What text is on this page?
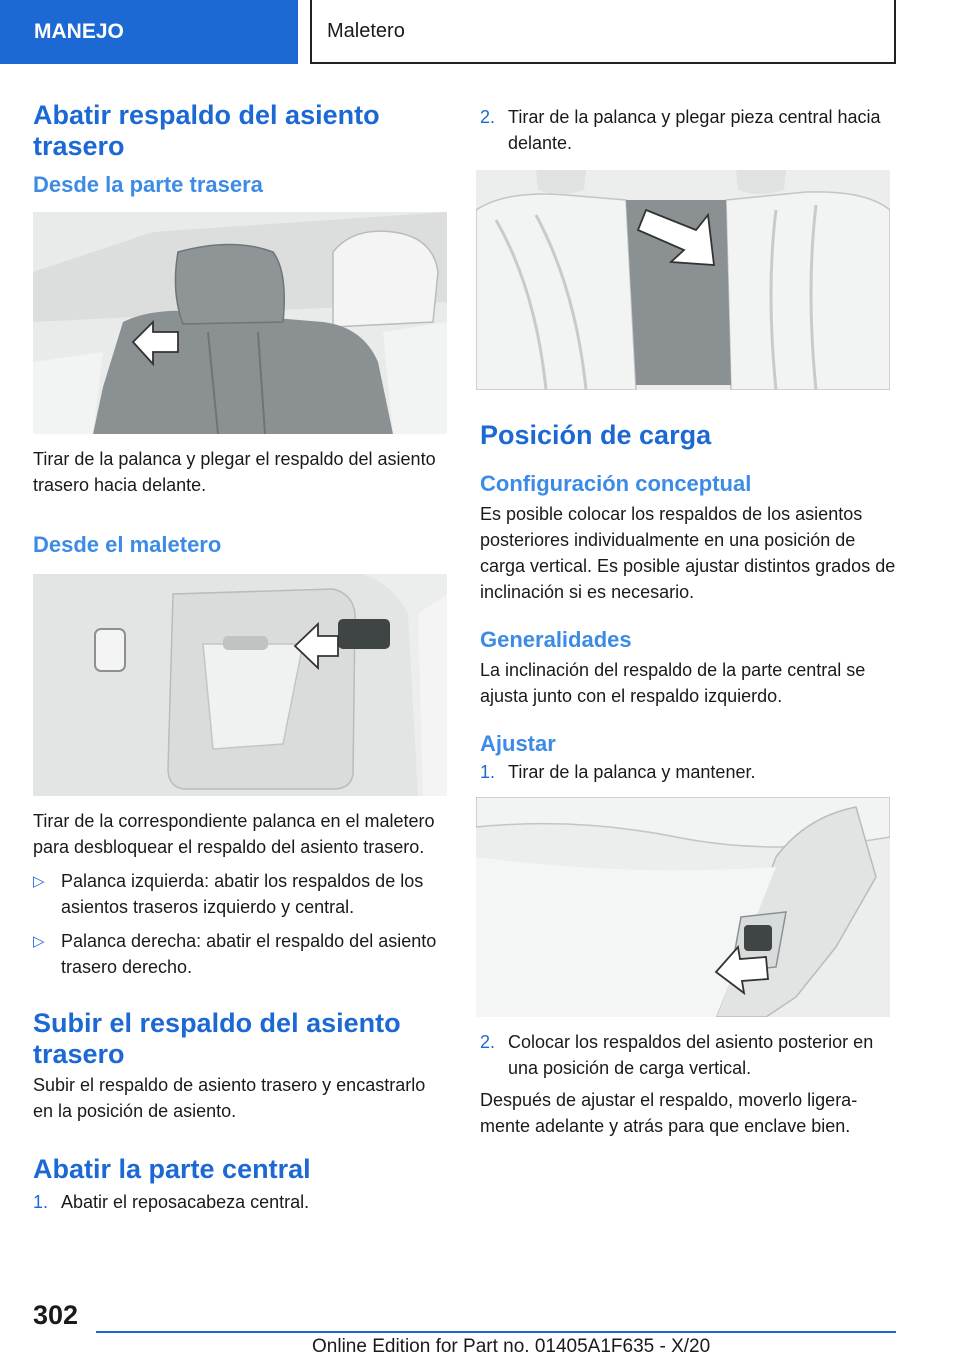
MANEJO	Maletero
Abatir respaldo del asiento trasero
Desde la parte trasera

Tirar de la palanca y plegar el respaldo del asiento trasero hacia delante.

Desde el maletero

Tirar de la correspondiente palanca en el maletero para desbloquear el respaldo del asiento trasero.

▷ Palanca izquierda: abatir los respaldos de los asientos traseros izquierdo y central.
▷ Palanca derecha: abatir el respaldo del asiento trasero derecho.
Subir el respaldo del asiento trasero

Subir el respaldo de asiento trasero y encastrarlo en la posición de asiento.

Abatir la parte central
1. Abatir el reposacabeza central.
2. Tirar de la palanca y plegar pieza central hacia delante.
Posición de carga
Configuración conceptual

Es posible colocar los respaldos de los asientos posteriores individualmente en una posición de carga vertical. Es posible ajustar distintos grados de inclinación si es necesario.

Generalidades

La inclinación del respaldo de la parte central se ajusta junto con el respaldo izquierdo.

Ajustar
1. Tirar de la palanca y mantener.
2. Colocar los respaldos del asiento posterior en una posición de carga vertical.

Después de ajustar el respaldo, moverlo ligeramente adelante y atrás para que enclave bien.

302
Online Edition for Part no. 01405A1F635 - X/20
